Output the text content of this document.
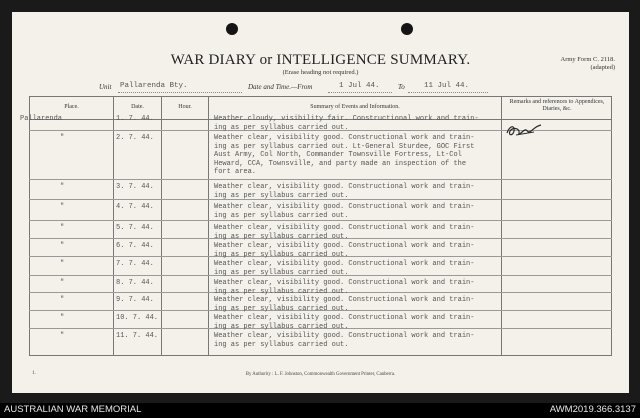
WAR DIARY or INTELLIGENCE SUMMARY.
(Erase heading not required.)
Army Form C. 2118.
(adapted)
Unit Pallarenda Bty.	Date and Time.—From	1 Jul 44.	To	11 Jul 44.
Place.	Date.	Hour.	Summary of Events and Information.
Remarks and references to Appendices, Diaries, &c.
Pallarenda	1. 7. 44.	Weather cloudy, visibility fair. Constructional work and train-
ing as per syllabus carried out.
"	2. 7. 44.	Weather clear, visibility good. Constructional work and train-
ing as per syllabus carried out. Lt-General Sturdee, GOC First
Aust Army, Col North, Commander Townsville Fortress, Lt-Col
Heward, CCA, Townsville, and party made an inspection of the
fort area.
"	3. 7. 44.	Weather clear, visibility good. Constructional work and train-
ing as per syllabus carried out.
"	4. 7. 44.	Weather clear, visibility good. Constructional work and train-
ing as per syllabus carried out.
"	5. 7. 44.	Weather clear, visibility good. Constructional work and train-
ing as per syllabus carried out.
"	6. 7. 44.	Weather clear, visibility good. Constructional work and train-
ing as per syllabus carried out.
"	7. 7. 44.	Weather clear, visibility good. Constructional work and train-
ing as per syllabus carried out.
"	8. 7. 44.	Weather clear, visibility good. Constructional work and train-
ing as per syllabus carried out.
"	9. 7. 44.	Weather clear, visibility good. Constructional work and train-
ing as per syllabus carried out.
"	10. 7. 44.	Weather clear, visibility good. Constructional work and train-
ing as per syllabus carried out.
"	11. 7. 44.	Weather clear, visibility good. Constructional work and train-
ing as per syllabus carried out.
1.	By Authority : L. F. Johnston, Commonwealth Government Printer, Canberra.
AUSTRALIAN WAR MEMORIAL	AWM2019.366.3137
